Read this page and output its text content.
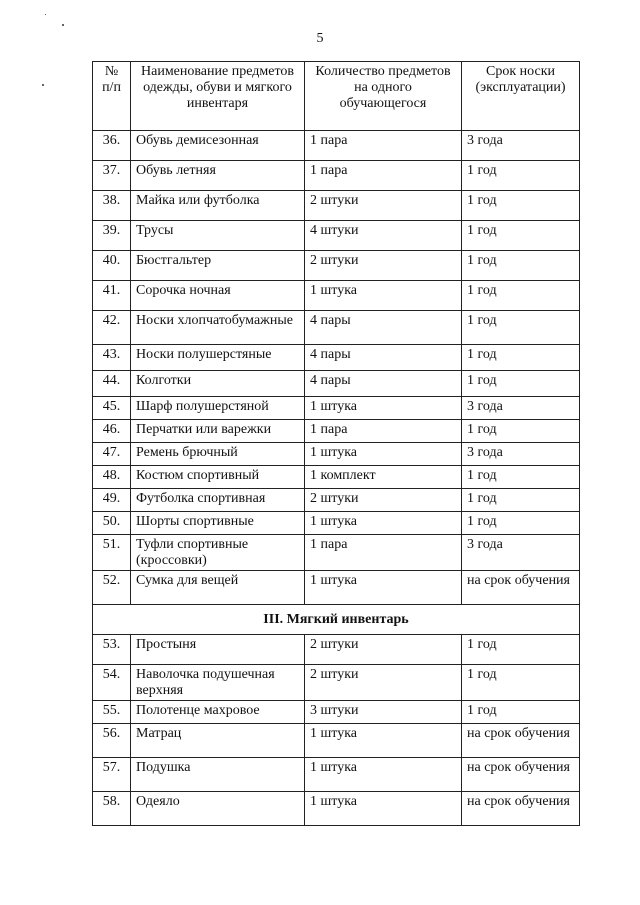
5
№ п/п	Наименование предметов одежды, обуви и мягкого инвентаря	Количество предметов на одного обучающегося	Срок носки (эксплуатации)
36.	Обувь демисезонная	1 пара	3 года
37.	Обувь летняя	1 пара	1 год
38.	Майка или футболка	2 штуки	1 год
39.	Трусы	4 штуки	1 год
40.	Бюстгальтер	2 штуки	1 год
41.	Сорочка ночная	1 штука	1 год
42.	Носки хлопчатобумажные	4 пары	1 год
43.	Носки полушерстяные	4 пары	1 год
44.	Колготки	4 пары	1 год
45.	Шарф полушерстяной	1 штука	3 года
46.	Перчатки или варежки	1 пара	1 год
47.	Ремень брючный	1 штука	3 года
48.	Костюм спортивный	1 комплект	1 год
49.	Футболка спортивная	2 штуки	1 год
50.	Шорты спортивные	1 штука	1 год
51.	Туфли спортивные (кроссовки)	1 пара	3 года
52.	Сумка для вещей	1 штука	на срок обучения
III. Мягкий инвентарь			
53.	Простыня	2 штуки	1 год
54.	Наволочка подушечная верхняя	2 штуки	1 год
55.	Полотенце махровое	3 штуки	1 год
56.	Матрац	1 штука	на срок обучения
57.	Подушка	1 штука	на срок обучения
58.	Одеяло	1 штука	на срок обучения
